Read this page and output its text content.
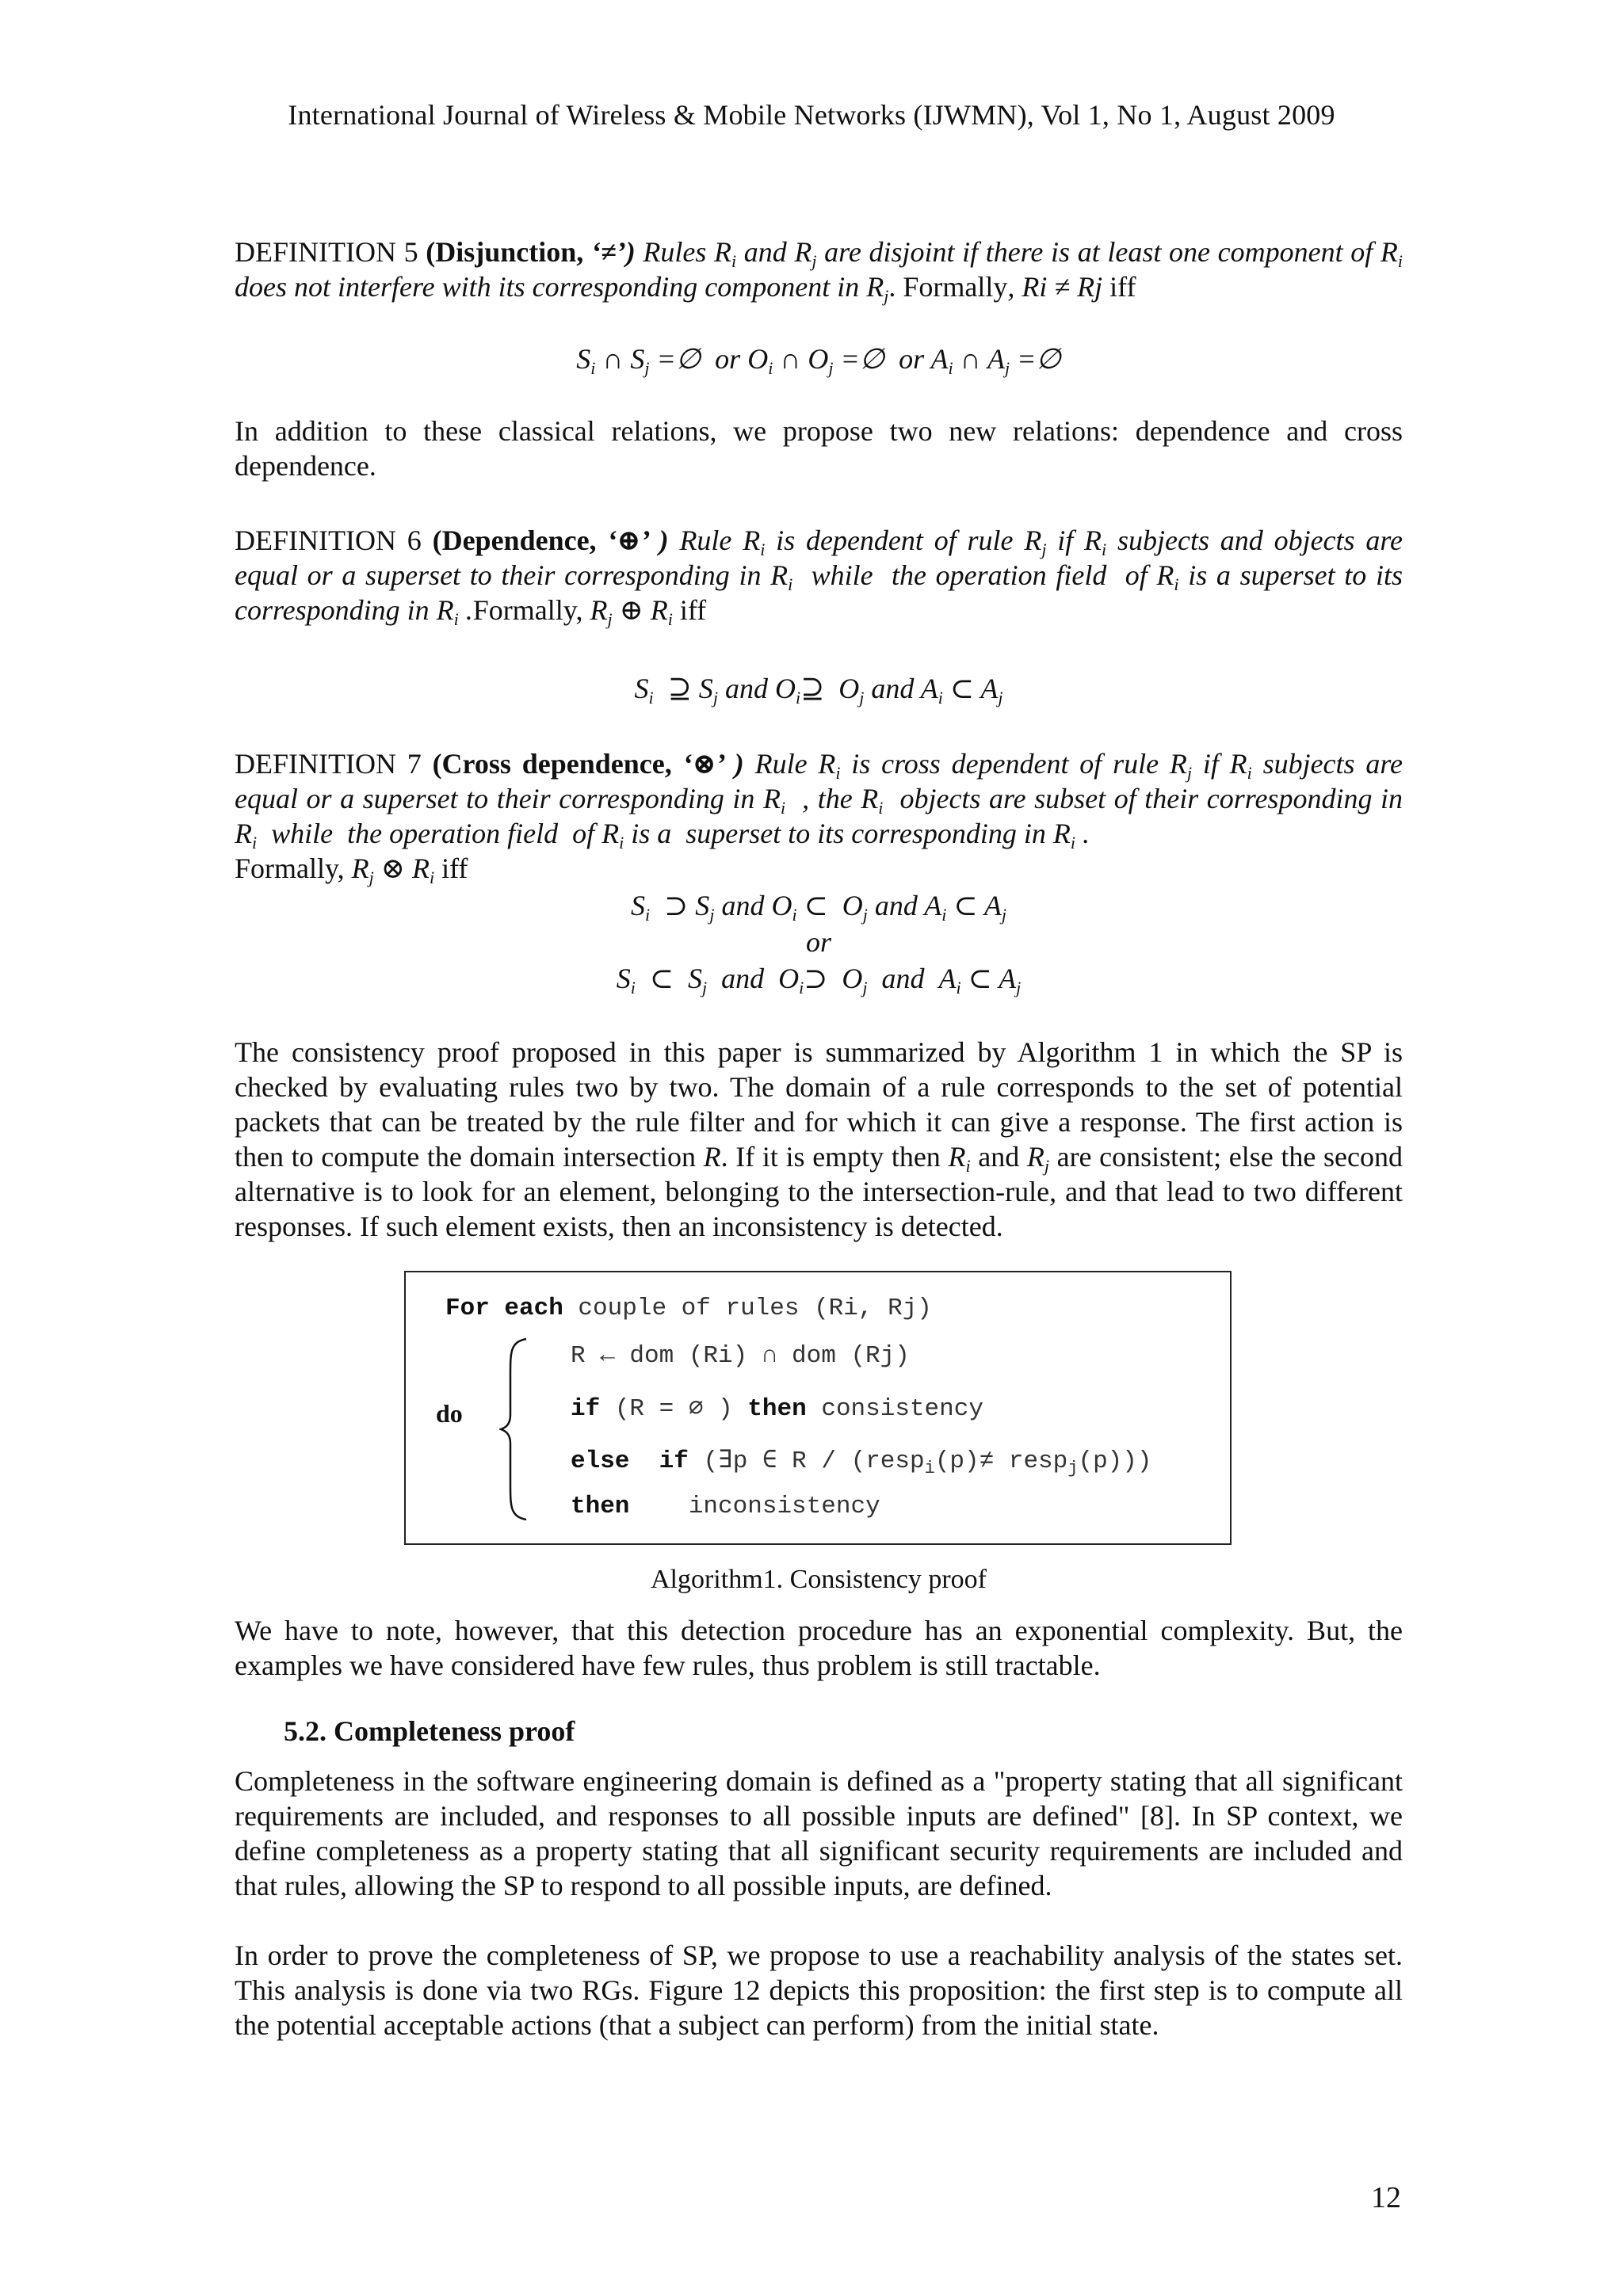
International Journal of Wireless & Mobile Networks (IJWMN), Vol 1, No 1, August 2009
DEFINITION 5 (Disjunction, ‘≠’) Rules $R_i$ and $R_j$ are disjoint if there is at least one component of $R_i$ does not interfere with its corresponding component in $R_j$. Formally, Ri ≠ Rj iff
$S_i$ ∩ $S_j$ =∅  or $O_i$ ∩ $O_j$ =∅  or $A_i$ ∩ $A_j$ =∅
In addition to these classical relations, we propose two new relations: dependence and cross dependence.
DEFINITION 6 (Dependence, ‘⊕’ ) Rule $R_i$ is dependent of rule $R_j$ if $R_i$ subjects and objects are equal or a superset to their corresponding in $R_i$  while  the operation field  of $R_i$ is a superset to its corresponding in $R_i$ .Formally, $R_j$ ⊕ $R_i$ iff
$S_i$  ⊇ $S_j$ and $O_i⊇$  $O_j$ and $A_i$ ⊂ $A_j$
DEFINITION 7 (Cross dependence, ‘⊗’ ) Rule $R_i$ is cross dependent of rule $R_j$ if $R_i$ subjects are equal or a superset to their corresponding in $R_i$  , the $R_i$  objects are subset of their corresponding in $R_i$  while  the operation field  of $R_i$ is a  superset to its corresponding in $R_i$ .
Formally, $R_j$ ⊗ $R_i$ iff
$S_i$  ⊃ $S_j$ and $O_i$ ⊂  $O_j$ and $A_i$ ⊂ $A_j$
or
$S_i$  ⊂  $S_j$  and  $O_i⊃$  $O_j$  and  $A_i$ ⊂ $A_j$
The consistency proof proposed in this paper is summarized by Algorithm 1 in which the SP is checked by evaluating rules two by two. The domain of a rule corresponds to the set of potential packets that can be treated by the rule filter and for which it can give a response. The first action is then to compute the domain intersection R. If it is empty then $R_i$ and $R_j$ are consistent; else the second alternative is to look for an element, belonging to the intersection-rule, and that lead to two different responses. If such element exists, then an inconsistency is detected.
For each couple of rules (Ri, Rj)
R ← dom (Ri) ∩ dom (Rj)
do	if (R = ∅ ) then consistency
else  if (∃p ∈ R / (resp$_i$(p)≠ resp$_j$(p)))
then    inconsistency
Algorithm1. Consistency proof
We have to note, however, that this detection procedure has an exponential complexity. But, the examples we have considered have few rules, thus problem is still tractable.
5.2. Completeness proof
Completeness in the software engineering domain is defined as a "property stating that all significant requirements are included, and responses to all possible inputs are defined" [8]. In SP context, we define completeness as a property stating that all significant security requirements are included and that rules, allowing the SP to respond to all possible inputs, are defined.
In order to prove the completeness of SP, we propose to use a reachability analysis of the states set. This analysis is done via two RGs. Figure 12 depicts this proposition: the first step is to compute all the potential acceptable actions (that a subject can perform) from the initial state.
12
